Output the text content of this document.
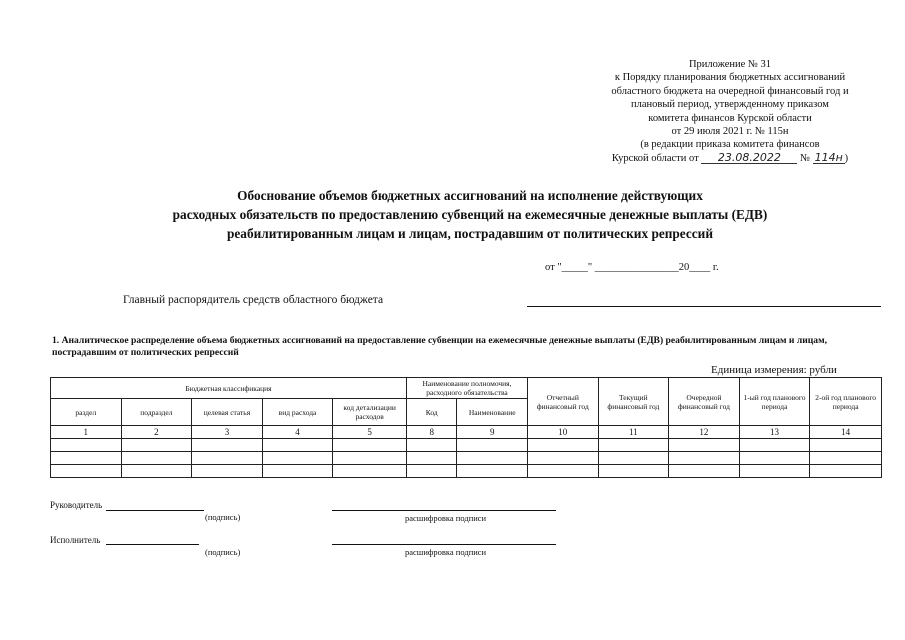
Приложение № 31
к Порядку планирования бюджетных ассигнований
областного бюджета на очередной финансовый год и
плановый период, утвержденному приказом
комитета финансов Курской области
от 29 июля 2021 г. № 115н
(в редакции приказа комитета финансов
Курской области от 23.08.2022 № 114н )
Обоснование объемов бюджетных ассигнований на исполнение действующих
расходных обязательств по предоставлению субвенций на ежемесячные денежные выплаты (ЕДВ)
реабилитированным лицам и лицам, пострадавшим от политических репрессий
от "_____" ________________20____ г.
Главный распорядитель средств областного бюджета
1. Аналитическое распределение объема бюджетных ассигнований на предоставление субвенции на ежемесячные денежные выплаты (ЕДВ) реабилитированным лицам и лицам, пострадавшим от политических репрессий
Единица измерения: рубли
Бюджетная классификация					Наименование полномочия, расходного обязательства		Отчетный финансовый год	Текущий финансовый год	Очередной финансовый год	1-ый год планового периода	2-ой год планового периода
раздел	подраздел	целевая статья	вид расхода	код детализации расходов	Код	Наименование					
1	2	3	4	5	8	9	10	11	12	13	14

Руководитель
(подпись)	расшифровка подписи
Исполнитель
(подпись)	расшифровка подписи
